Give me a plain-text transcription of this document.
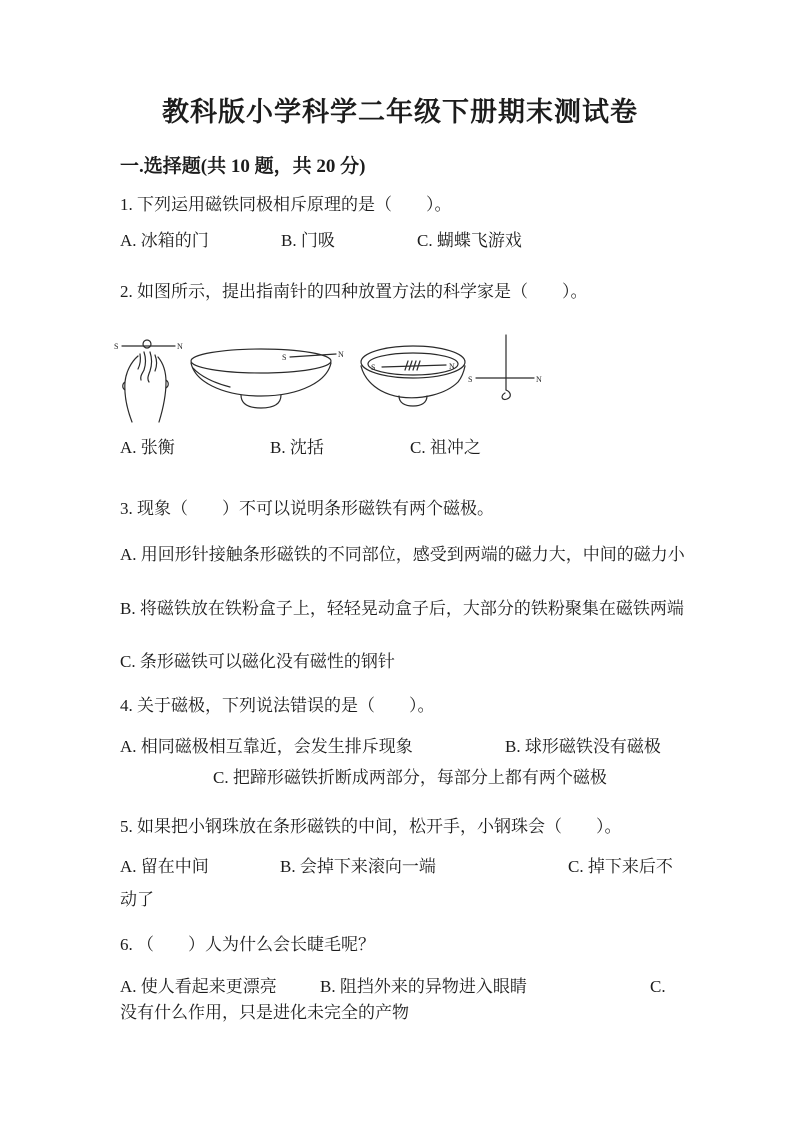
教科版小学科学二年级下册期末测试卷
一.选择题(共 10 题，共 20 分)
1. 下列运用磁铁同极相斥原理的是（　　）。
A. 冰箱的门	B. 门吸	C. 蝴蝶飞游戏
2. 如图所示，提出指南针的四种放置方法的科学家是（　　）。
S	N
S	N
S	N
S	N
A. 张衡	B. 沈括	C. 祖冲之
3. 现象（　　）不可以说明条形磁铁有两个磁极。
A. 用回形针接触条形磁铁的不同部位，感受到两端的磁力大，中间的磁力小
B. 将磁铁放在铁粉盒子上，轻轻晃动盒子后，大部分的铁粉聚集在磁铁两端
C. 条形磁铁可以磁化没有磁性的钢针
4. 关于磁极，下列说法错误的是（　　）。
A. 相同磁极相互靠近，会发生排斥现象	B. 球形磁铁没有磁极
C. 把蹄形磁铁折断成两部分，每部分上都有两个磁极
5. 如果把小钢珠放在条形磁铁的中间，松开手，小钢珠会（　　）。
A. 留在中间	B. 会掉下来滚向一端	C. 掉下来后不
动了
6. （　　）人为什么会长睫毛呢？
A. 使人看起来更漂亮	B. 阻挡外来的异物进入眼睛	C.
没有什么作用，只是进化未完全的产物
